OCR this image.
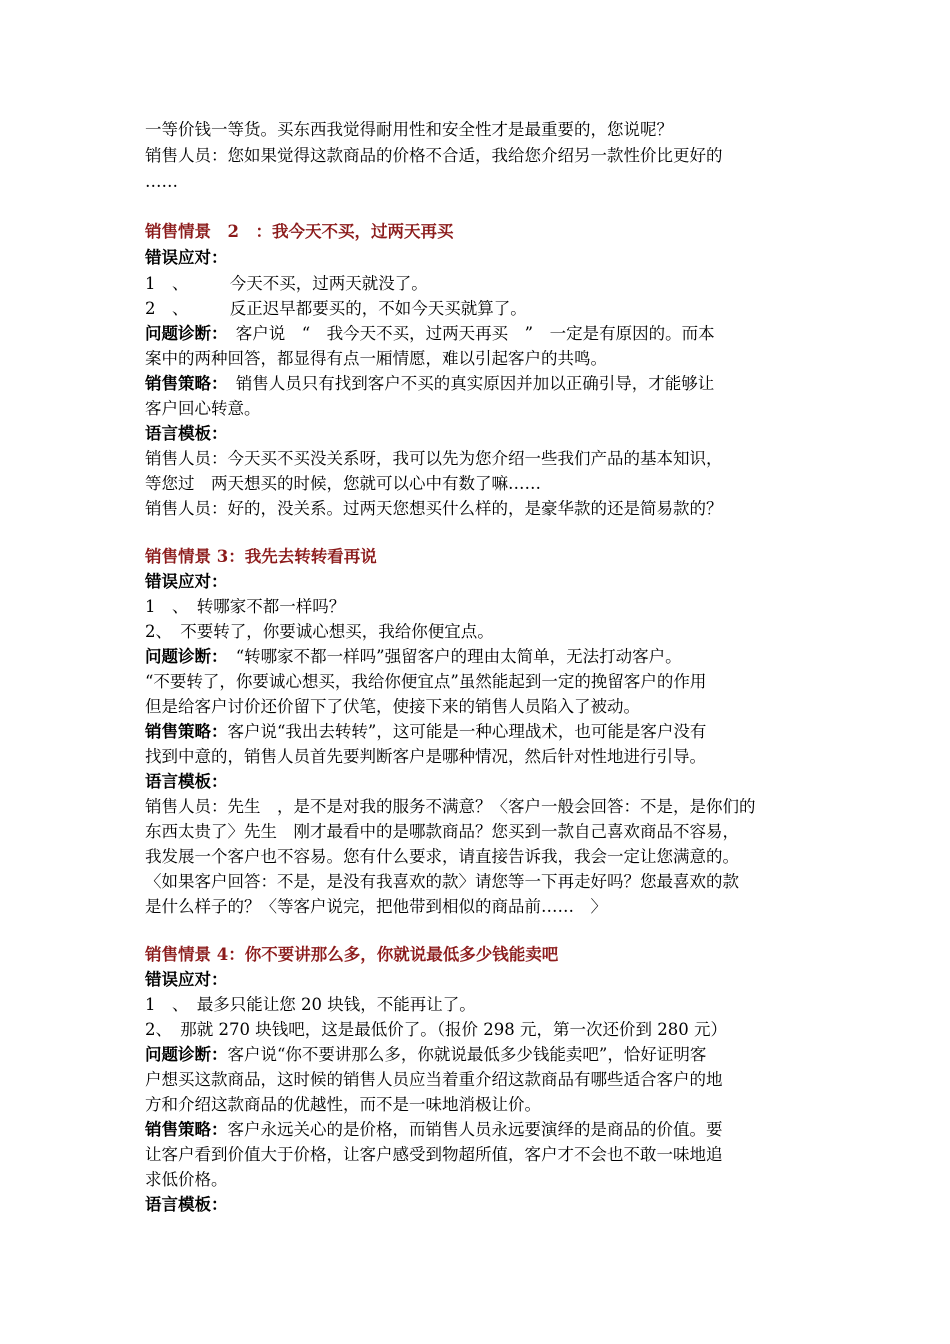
一等价钱一等货。买东西我觉得耐用性和安全性才是最重要的，您说呢？
销售人员：您如果觉得这款商品的价格不合适，我给您介绍另一款性价比更好的
……
销售情景　2　：我今天不买，过两天再买
错误应对：
1　、　　　今天不买，过两天就没了。
2　、　　　反正迟早都要买的，不如今天买就算了。
问题诊断：　客户说　“　我今天不买，过两天再买　”　一定是有原因的。而本
案中的两种回答，都显得有点一厢情愿，难以引起客户的共鸣。
销售策略：　销售人员只有找到客户不买的真实原因并加以正确引导，才能够让
客户回心转意。
语言模板：
销售人员：今天买不买没关系呀，我可以先为您介绍一些我们产品的基本知识，
等您过　两天想买的时候，您就可以心中有数了嘛……
销售人员：好的，没关系。过两天您想买什么样的，是豪华款的还是简易款的？
销售情景 3：我先去转转看再说
错误应对：
1　、　转哪家不都一样吗？
2、　不要转了，你要诚心想买，我给你便宜点。
问题诊断：　“转哪家不都一样吗”强留客户的理由太简单，无法打动客户。
“不要转了，你要诚心想买，我给你便宜点”虽然能起到一定的挽留客户的作用
但是给客户讨价还价留下了伏笔，使接下来的销售人员陷入了被动。
销售策略：客户说“我出去转转”，这可能是一种心理战术，也可能是客户没有
找到中意的，销售人员首先要判断客户是哪种情况，然后针对性地进行引导。
语言模板：
销售人员：先生　，是不是对我的服务不满意？〈客户一般会回答：不是，是你们的
东西太贵了〉先生　刚才最看中的是哪款商品？您买到一款自己喜欢商品不容易，
我发展一个客户也不容易。您有什么要求，请直接告诉我，我会一定让您满意的。
〈如果客户回答：不是，是没有我喜欢的款〉请您等一下再走好吗？您最喜欢的款
是什么样子的？〈等客户说完，把他带到相似的商品前……　〉
销售情景 4：你不要讲那么多，你就说最低多少钱能卖吧
错误应对：
1　、　最多只能让您 20 块钱，不能再让了。
2、　那就 270 块钱吧，这是最低价了。（报价 298 元，第一次还价到 280 元）
问题诊断：客户说“你不要讲那么多，你就说最低多少钱能卖吧”，恰好证明客
户想买这款商品，这时候的销售人员应当着重介绍这款商品有哪些适合客户的地
方和介绍这款商品的优越性，而不是一味地消极让价。
销售策略：客户永远关心的是价格，而销售人员永远要演绎的是商品的价值。要
让客户看到价值大于价格，让客户感受到物超所值，客户才不会也不敢一味地追
求低价格。
语言模板：
